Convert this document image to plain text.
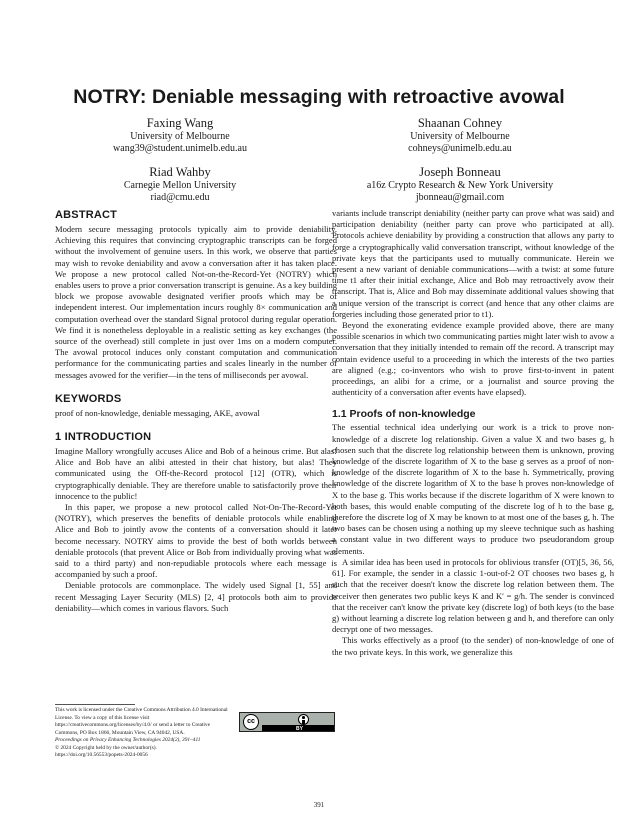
NOTRY: Deniable messaging with retroactive avowal
Faxing Wang
University of Melbourne
wang39@student.unimelb.edu.au
Shaanan Cohney
University of Melbourne
cohneys@unimelb.edu.au
Riad Wahby
Carnegie Mellon University
riad@cmu.edu
Joseph Bonneau
a16z Crypto Research & New York University
jbonneau@gmail.com
ABSTRACT

Modern secure messaging protocols typically aim to provide deniability. Achieving this requires that convincing cryptographic transcripts can be forged without the involvement of genuine users. In this work, we observe that parties may wish to revoke deniability and avow a conversation after it has taken place. We propose a new protocol called Not-on-the-Record-Yet (NOTRY) which enables users to prove a prior conversation transcript is genuine. As a key building block we propose avowable designated verifier proofs which may be of independent interest. Our implementation incurs roughly 8× communication and computation overhead over the standard Signal protocol during regular operation. We find it is nonetheless deployable in a realistic setting as key exchanges (the source of the overhead) still complete in just over 1ms on a modern computer. The avowal protocol induces only constant computation and communication performance for the communicating parties and scales linearly in the number of messages avowed for the verifier—in the tens of milliseconds per avowal.

KEYWORDS

proof of non-knowledge, deniable messaging, AKE, avowal

1 INTRODUCTION

Imagine Mallory wrongfully accuses Alice and Bob of a heinous crime. But alas! Alice and Bob have an alibi attested in their chat history, but alas! They communicated using the Off-the-Record protocol [12] (OTR), which is cryptographically deniable. They are therefore unable to satisfactorily prove their innocence to the public!

In this paper, we propose a new protocol called Not-On-The-Record-Yet (NOTRY), which preserves the benefits of deniable protocols while enabling Alice and Bob to jointly avow the contents of a conversation should it later become necessary. NOTRY aims to provide the best of both worlds between deniable protocols (that prevent Alice or Bob from individually proving what was said to a third party) and non-repudiable protocols where each message is accompanied by such a proof.

Deniable protocols are commonplace. The widely used Signal [1, 55] and recent Messaging Layer Security (MLS) [2, 4] protocols both aim to provide deniability—which comes in various flavors. Such

variants include transcript deniability (neither party can prove what was said) and participation deniability (neither party can prove who participated at all). Protocols achieve deniability by providing a construction that allows any party to forge a cryptographically valid conversation transcript, without knowledge of the private keys that the participants used to mutually communicate. Herein we present a new variant of deniable communications—with a twist: at some future time t1 after their initial exchange, Alice and Bob may retroactively avow their transcript. That is, Alice and Bob may disseminate additional values showing that a unique version of the transcript is correct (and hence that any other claims are forgeries including those generated prior to t1).

Beyond the exonerating evidence example provided above, there are many possible scenarios in which two communicating parties might later wish to avow a conversation that they initially intended to remain off the record. A transcript may contain evidence useful to a proceeding in which the interests of the two parties are aligned (e.g.; co-inventors who wish to prove first-to-invent in patent proceedings, an alibi for a crime, or a journalist and source proving the authenticity of a conversation after events have elapsed).

1.1 Proofs of non-knowledge

The essential technical idea underlying our work is a trick to prove non-knowledge of a discrete log relationship. Given a value X and two bases g, h chosen such that the discrete log relationship between them is unknown, proving knowledge of the discrete logarithm of X to the base g serves as a proof of non-knowledge of the discrete logarithm of X to the base h. Symmetrically, proving knowledge of the discrete logarithm of X to the base h proves non-knowledge of X to the base g. This works because if the discrete logarithm of X were known to both bases, this would enable computing of the discrete log of h to the base g, therefore the discrete log of X may be known to at most one of the bases g, h. The two bases can be chosen using a nothing up my sleeve technique such as hashing a constant value in two different ways to produce two pseudorandom group elements.

A similar idea has been used in protocols for oblivious transfer (OT)[5, 36, 56, 61]. For example, the sender in a classic 1-out-of-2 OT chooses two bases g, h such that the receiver doesn't know the discrete log relation between them. The receiver then generates two public keys K and K′ = g/h. The sender is convinced that the receiver can't know the private key (discrete log) of both keys (to the base g) without learning a discrete log relation between g and h, and therefore can only decrypt one of two messages.

This works effectively as a proof (to the sender) of non-knowledge of one of the two private keys. In this work, we generalize this

This work is licensed under the Creative Commons Attribution 4.0 International License. To view a copy of this license visit https://creativecommons.org/licenses/by/4.0/ or send a letter to Creative Commons, PO Box 1866, Mountain View, CA 94042, USA.
cc
BY
Proceedings on Privacy Enhancing Technologies 2024(2), 391–411
© 2024 Copyright held by the owner/author(s).
https://doi.org/10.56553/popets-2024-0056
391
